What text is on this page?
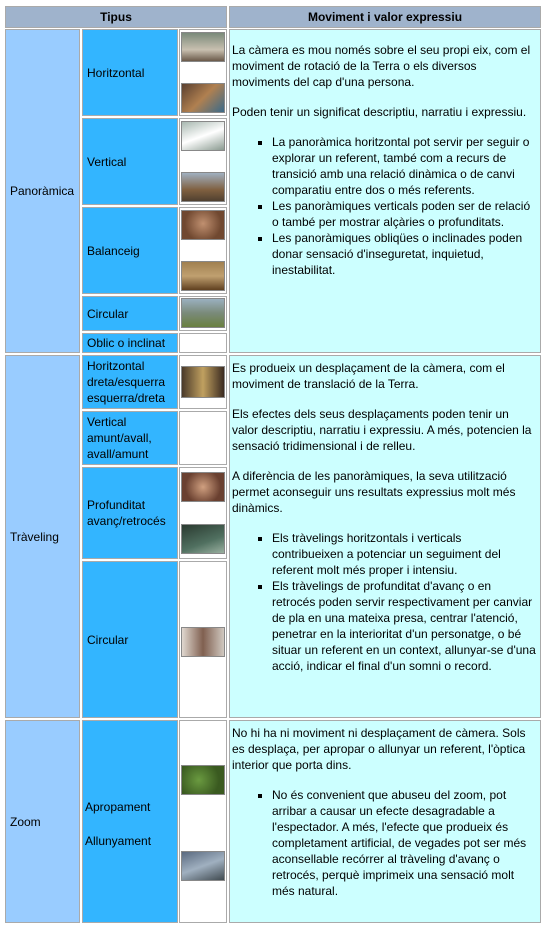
Tipus	Moviment i valor expressiu
Panoràmica
Horitzontal
Vertical
Balanceig
Circular
Oblic o inclinat

La càmera es mou només sobre el seu propi eix, com el moviment de rotació de la Terra o els diversos moviments del cap d'una persona.

Poden tenir un significat descriptiu, narratiu i expressiu.

▪ La panoràmica horitzontal pot servir per seguir o explorar un referent, també com a recurs de transició amb una relació dinàmica o de canvi comparatiu entre dos o més referents.
▪ Les panoràmiques verticals poden ser de relació o també per mostrar alçàries o profunditats.
▪ Les panoràmiques obliqües o inclinades poden donar sensació d'inseguretat, inquietud, inestabilitat.
Tràveling
Horitzontal dreta/esquerra esquerra/dreta
Vertical amunt/avall, avall/amunt
Profunditat avanç/retrocés
Circular

Es produeix un desplaçament de la càmera, com el moviment de translació de la Terra.

Els efectes dels seus desplaçaments poden tenir un valor descriptiu, narratiu i expressiu. A més, potencien la sensació tridimensional i de relleu.

A diferència de les panoràmiques, la seva utilització permet aconseguir uns resultats expressius molt més dinàmics.

▪ Els tràvelings horitzontals i verticals contribueixen a potenciar un seguiment del referent molt més proper i intensiu.
▪ Els tràvelings de profunditat d'avanç o en retrocés poden servir respectivament per canviar de pla en una mateixa presa, centrar l'atenció, penetrar en la interioritat d'un personatge, o bé situar un referent en un context, allunyar-se d'una acció, indicar el final d'un somni o record.
Zoom
Apropament
Allunyament

No hi ha ni moviment ni desplaçament de càmera. Sols es desplaça, per apropar o allunyar un referent, l'òptica interior que porta dins.

▪ No és convenient que abuseu del zoom, pot arribar a causar un efecte desagradable a l'espectador. A més, l'efecte que produeix és completament artificial, de vegades pot ser més aconsellable recórrer al tràveling d'avanç o retrocés, perquè imprimeix una sensació molt més natural.
